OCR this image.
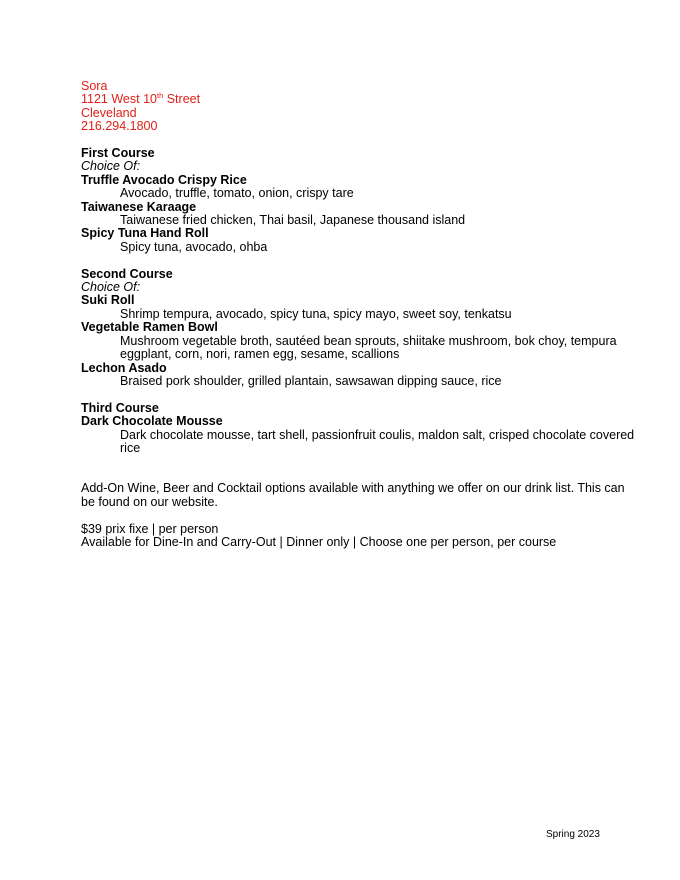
Sora
1121 West 10th Street
Cleveland
216.294.1800
First Course
Choice Of:
Truffle Avocado Crispy Rice
Avocado, truffle, tomato, onion, crispy tare
Taiwanese Karaage
Taiwanese fried chicken, Thai basil, Japanese thousand island
Spicy Tuna Hand Roll
Spicy tuna, avocado, ohba
Second Course
Choice Of:
Suki Roll
Shrimp tempura, avocado, spicy tuna, spicy mayo, sweet soy, tenkatsu
Vegetable Ramen Bowl
Mushroom vegetable broth, sautéed bean sprouts, shiitake mushroom, bok choy, tempura eggplant, corn, nori, ramen egg, sesame, scallions
Lechon Asado
Braised pork shoulder, grilled plantain, sawsawan dipping sauce, rice
Third Course
Dark Chocolate Mousse
Dark chocolate mousse, tart shell, passionfruit coulis, maldon salt, crisped chocolate covered rice
Add-On Wine, Beer and Cocktail options available with anything we offer on our drink list. This can be found on our website.
$39 prix fixe | per person
Available for Dine-In and Carry-Out | Dinner only | Choose one per person, per course
Spring 2023
